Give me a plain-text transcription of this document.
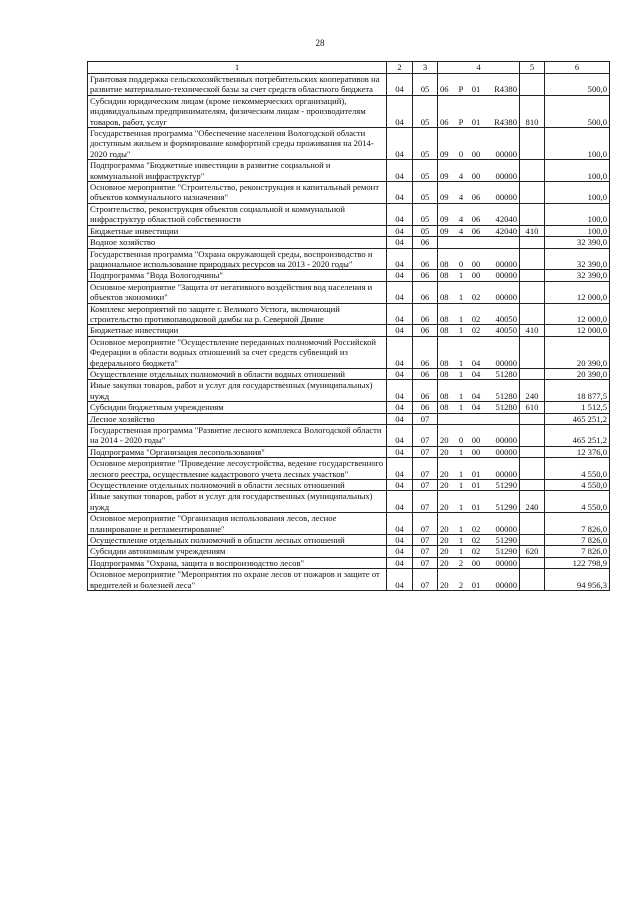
28
1	2	3	4	5	6
Грантовая поддержка сельскохозяйственных потребительских кооперативов на развитие материально-технической базы за счет средств областного бюджета	04	05	06 Р 01 R4380		500,0
Субсидии юридическим лицам (кроме некоммерческих организаций), индивидуальным предпринимателям, физическим лицам - производителям товаров, работ, услуг	04	05	06 Р 01 R4380	810	500,0
Государственная программа "Обеспечение населения Вологодской области доступным жильем и формирование комфортной среды проживания на 2014-2020 годы"	04	05	09 0 00 00000		100,0
Подпрограмма "Бюджетные инвестиции в развитие социальной и коммунальной инфраструктур"	04	05	09 4 00 00000		100,0
Основное мероприятие "Строительство, реконструкция и капитальный ремонт объектов коммунального назначения"	04	05	09 4 06 00000		100,0
Строительство, реконструкция объектов социальной и коммунальной инфраструктур областной собственности	04	05	09 4 06 42040		100,0
Бюджетные инвестиции	04	05	09 4 06 42040	410	100,0
Водное хозяйство	04	06			32 390,0
Государственная программа "Охрана окружающей среды, воспроизводство и рациональное использование природных ресурсов на 2013 - 2020 годы"	04	06	08 0 00 00000		32 390,0
Подпрограмма "Вода Вологодчины"	04	06	08 1 00 00000		32 390,0
Основное мероприятие "Защита от негативного воздействия вод населения и объектов экономики"	04	06	08 1 02 00000		12 000,0
Комплекс мероприятий по защите г. Великого Устюга, включающий строительство противопаводковой дамбы на р. Северной Двине	04	06	08 1 02 40050		12 000,0
Бюджетные инвестиции	04	06	08 1 02 40050	410	12 000,0
Основное мероприятие "Осуществление переданных полномочий Российской Федерации в области водных отношений за счет средств субвенций из федерального бюджета"	04	06	08 1 04 00000		20 390,0
Осуществление отдельных полномочий в области водных отношений	04	06	08 1 04 51280		20 390,0
Иные закупки товаров, работ и услуг для государственных (муниципальных) нужд	04	06	08 1 04 51280	240	18 877,5
Субсидии бюджетным учреждениям	04	06	08 1 04 51280	610	1 512,5
Лесное хозяйство	04	07			465 251,2
Государственная программа "Развитие лесного комплекса Вологодской области на 2014 - 2020 годы"	04	07	20 0 00 00000		465 251,2
Подпрограмма "Организация лесопользования"	04	07	20 1 00 00000		12 376,0
Основное мероприятие "Проведение лесоустройства, ведение государственного лесного реестра, осуществление кадастрового учета лесных участков"	04	07	20 1 01 00000		4 550,0
Осуществление отдельных полномочий в области лесных отношений	04	07	20 1 01 51290		4 550,0
Иные закупки товаров, работ и услуг для государственных (муниципальных) нужд	04	07	20 1 01 51290	240	4 550,0
Основное мероприятие "Организация использования лесов, лесное планирование и регламентирование"	04	07	20 1 02 00000		7 826,0
Осуществление отдельных полномочий в области лесных отношений	04	07	20 1 02 51290		7 826,0
Субсидии автономным учреждениям	04	07	20 1 02 51290	620	7 826,0
Подпрограмма "Охрана, защита и воспроизводство лесов"	04	07	20 2 00 00000		122 798,9
Основное мероприятие "Мероприятия по охране лесов от пожаров и защите от вредителей и болезней леса"	04	07	20 2 01 00000		94 956,3
